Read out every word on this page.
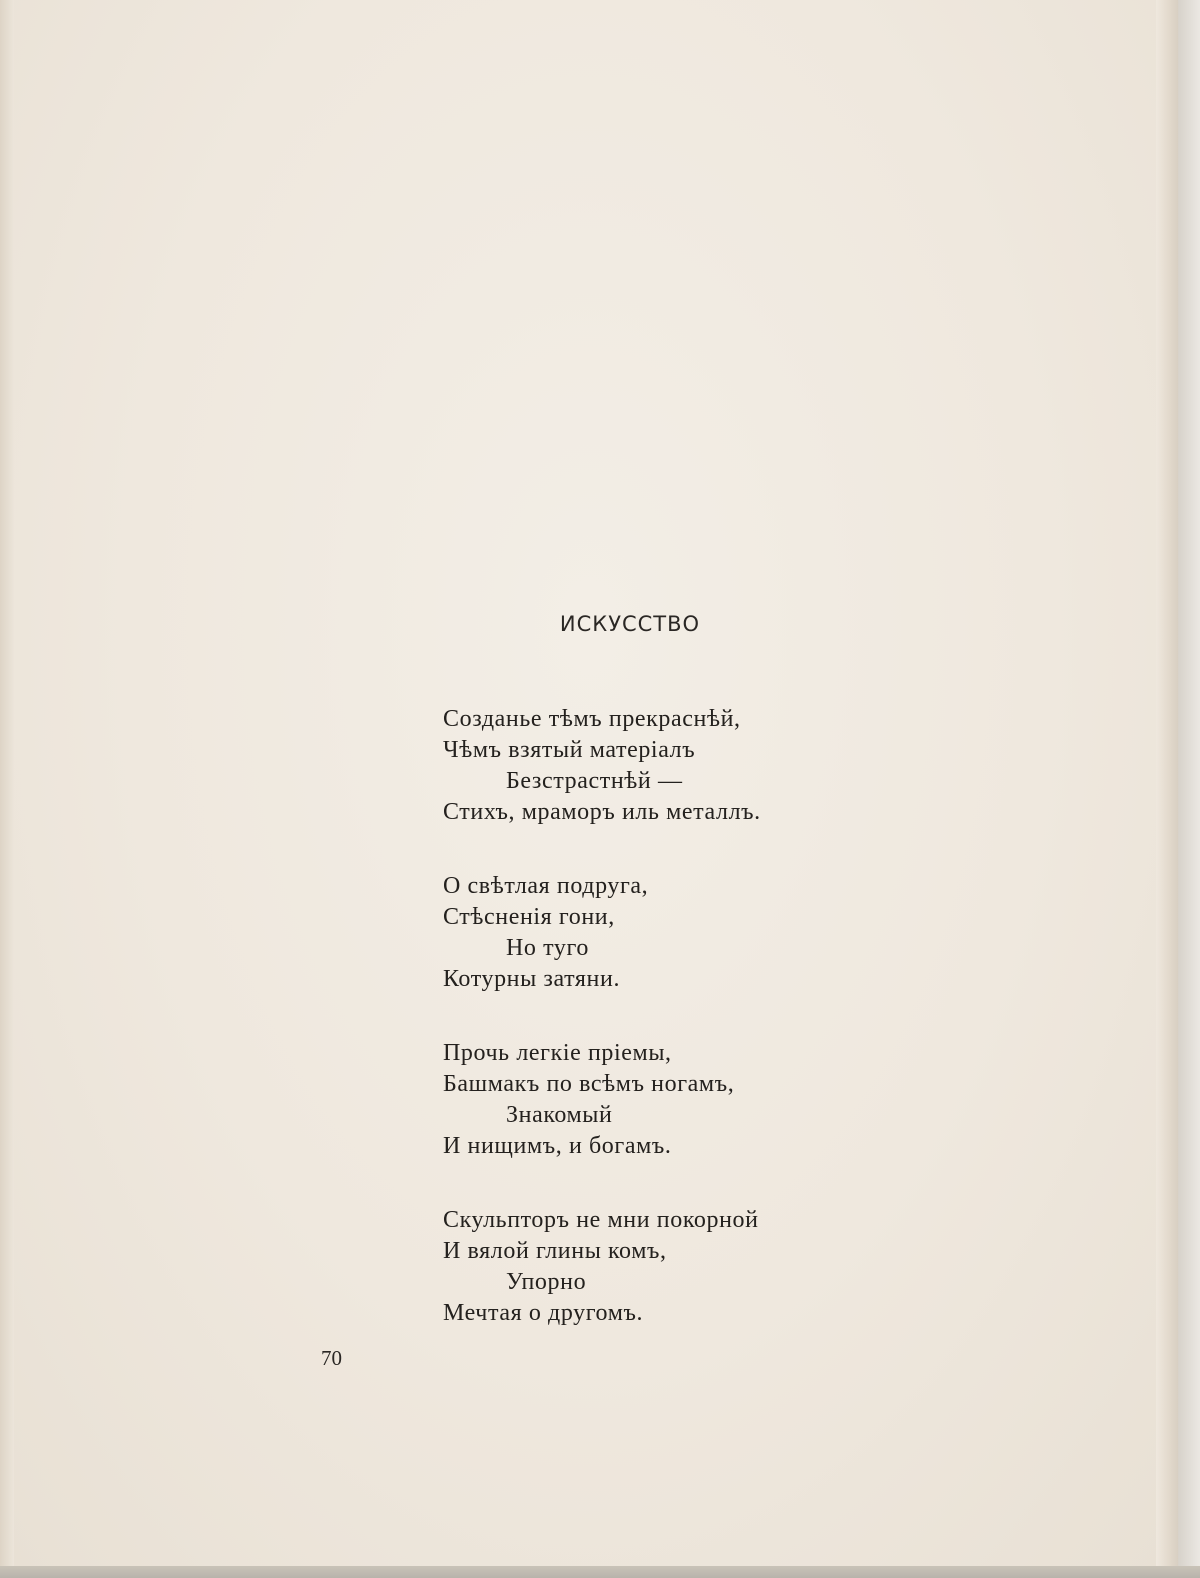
ИСКУССТВО
Созданье тѣмъ прекраснѣй,
Чѣмъ взятый матеріалъ
Безстрастнѣй —
Стихъ, мраморъ иль металлъ.
О свѣтлая подруга,
Стѣсненія гони,
Но туго
Котурны затяни.
Прочь легкіе пріемы,
Башмакъ по всѣмъ ногамъ,
Знакомый
И нищимъ, и богамъ.
Скульпторъ не мни покорной
И вялой глины комъ,
Упорно
Мечтая о другомъ.
70
